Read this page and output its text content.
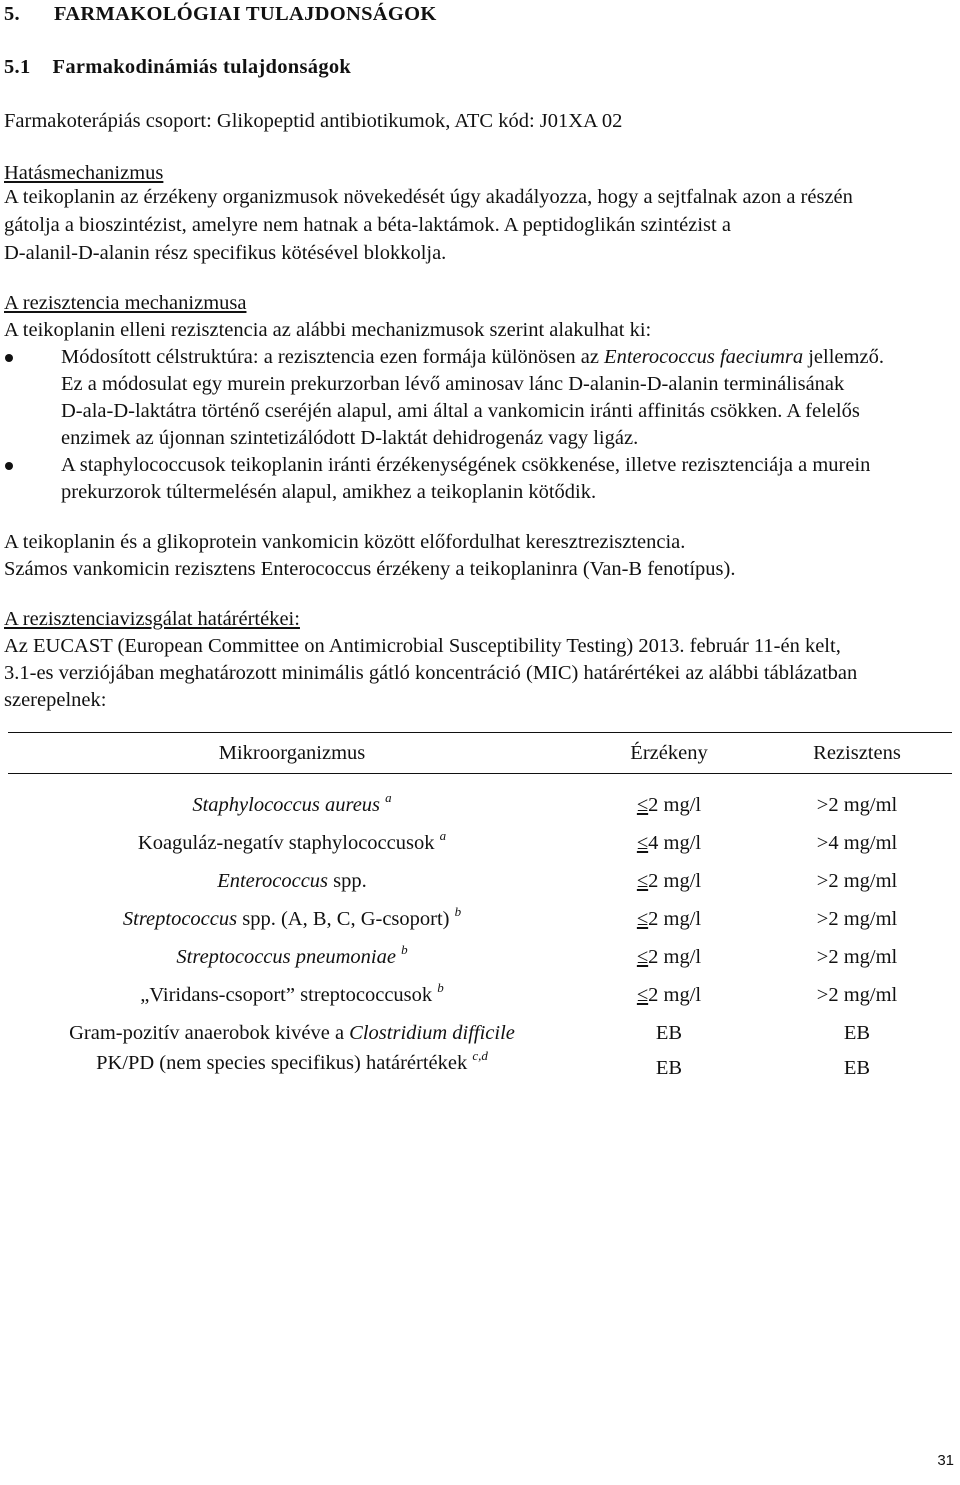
5. FARMAKOLÓGIAI TULAJDONSÁGOK
5.1 Farmakodinámiás tulajdonságok
Farmakoterápiás csoport: Glikopeptid antibiotikumok, ATC kód: J01XA 02
Hatásmechanizmus
A teikoplanin az érzékeny organizmusok növekedését úgy akadályozza, hogy a sejtfalnak azon a részén
gátolja a bioszintézist, amelyre nem hatnak a béta-laktámok. A peptidoglikán szintézist a
D-alanil-D-alanin rész specifikus kötésével blokkolja.
A rezisztencia mechanizmusa
A teikoplanin elleni rezisztencia az alábbi mechanizmusok szerint alakulhat ki:
Módosított célstruktúra: a rezisztencia ezen formája különösen az Enterococcus faeciumra jellemző.
Ez a módosulat egy murein prekurzorban lévő aminosav lánc D-alanin-D-alanin terminálisának
D-ala-D-laktátra történő cseréjén alapul, ami által a vankomicin iránti affinitás csökken. A felelős
enzimek az újonnan szintetizálódott D-laktát dehidrogenáz vagy ligáz.
A staphylococcusok teikoplanin iránti érzékenységének csökkenése, illetve rezisztenciája a murein
prekurzorok túltermelésén alapul, amikhez a teikoplanin kötődik.
A teikoplanin és a glikoprotein vankomicin között előfordulhat keresztrezisztencia.
Számos vankomicin rezisztens Enterococcus érzékeny a teikoplaninra (Van-B fenotípus).
A rezisztenciavizsgálat határértékei:
Az EUCAST (European Committee on Antimicrobial Susceptibility Testing) 2013. február 11-én kelt,
3.1-es verziójában meghatározott minimális gátló koncentráció (MIC) határértékei az alábbi táblázatban
szerepelnek:
Mikroorganizmus	Érzékeny	Rezisztens

Staphylococcus aureus $^a$	≤2 mg/l	>2 mg/ml
Koaguláz-negatív staphylococcusok $^a$	≤4 mg/l	>4 mg/ml
Enterococcus spp.	≤2 mg/l	>2 mg/ml
Streptococcus spp. (A, B, C, G-csoport) $^b$	≤2 mg/l	>2 mg/ml
Streptococcus pneumoniae $^b$	≤2 mg/l	>2 mg/ml
„Viridans-csoport” streptococcusok $^b$	≤2 mg/l	>2 mg/ml
Gram-pozitív anaerobok kivéve a Clostridium difficile	EB	EB
PK/PD (nem species specifikus) határértékek $^{c,d}$	EB	EB
31
